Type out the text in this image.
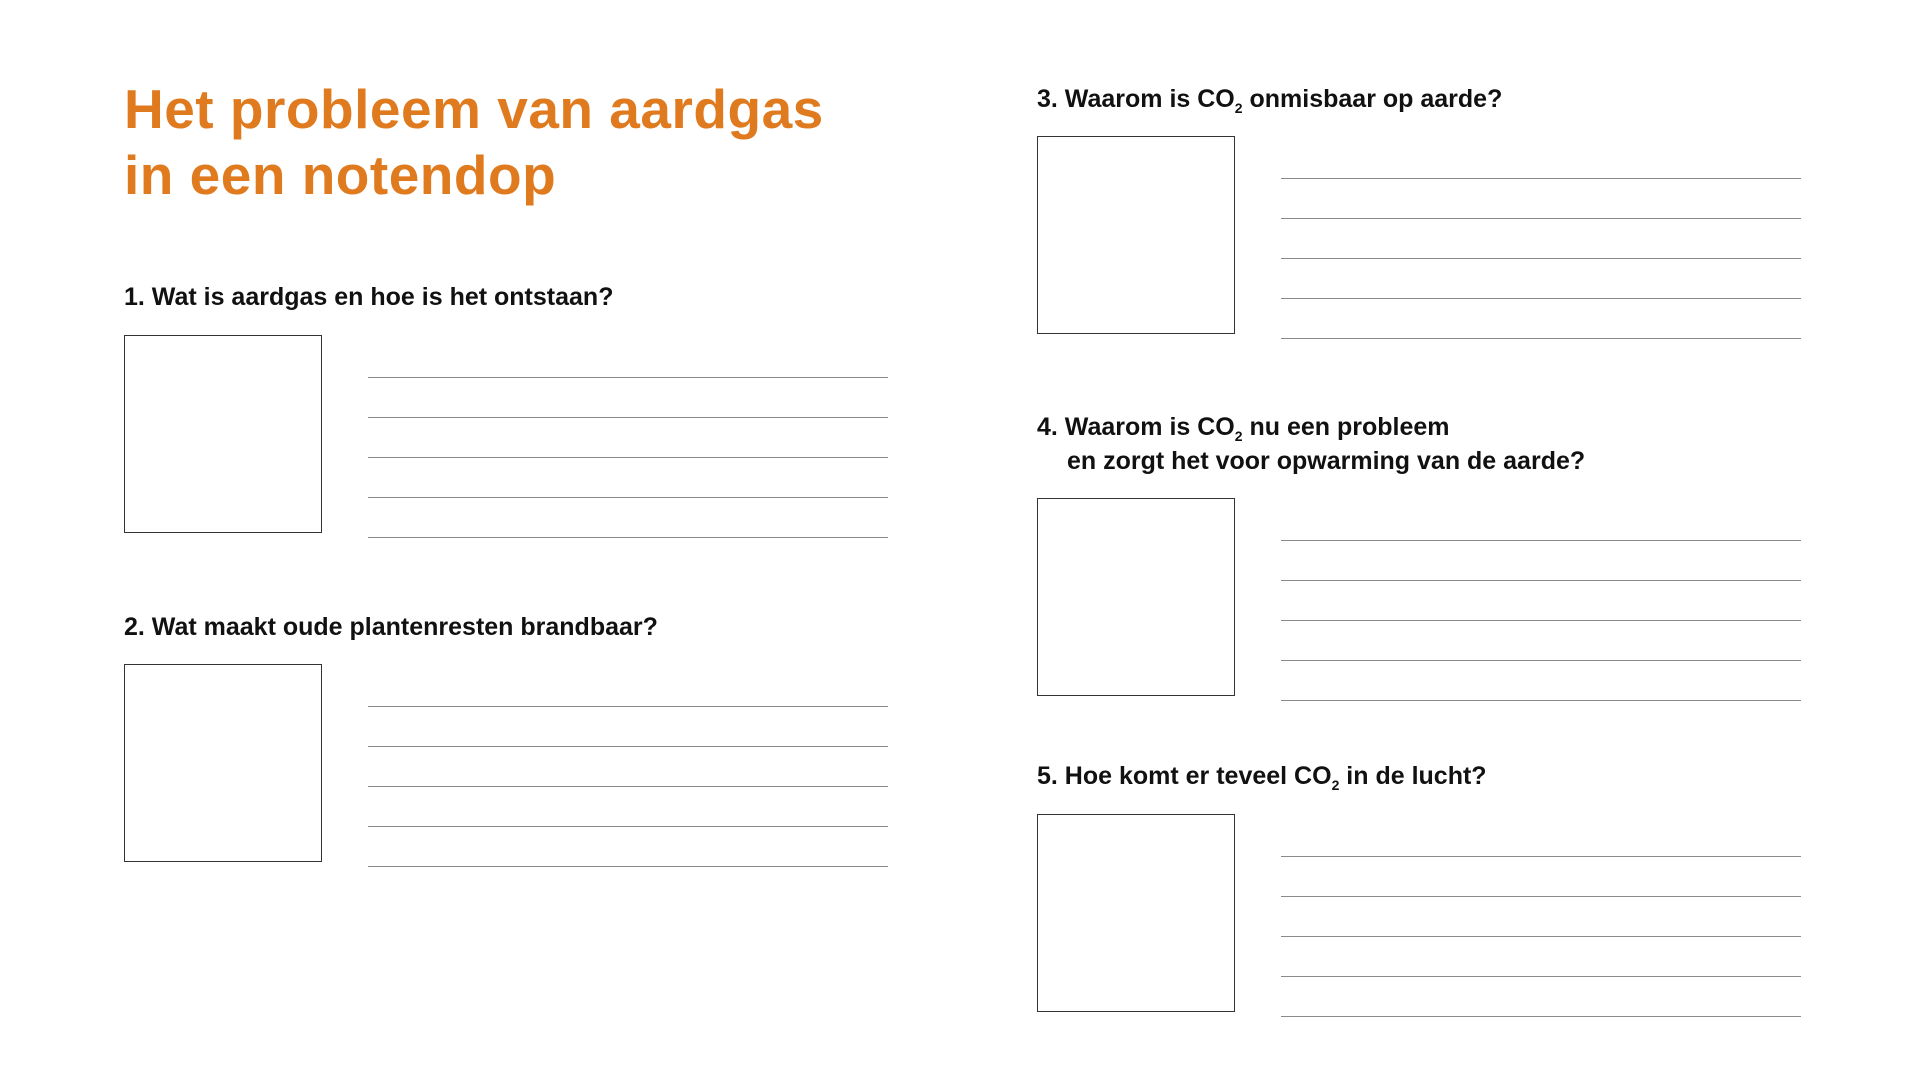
Het probleem van aardgas
in een notendop

1. Wat is aardgas en hoe is het ontstaan?

2. Wat maakt oude plantenresten brandbaar?

3. Waarom is $CO_2$ onmisbaar op aarde?

4. Waarom is $CO_2$ nu een probleem
en zorgt het voor opwarming van de aarde?

5. Hoe komt er teveel $CO_2$ in de lucht?
